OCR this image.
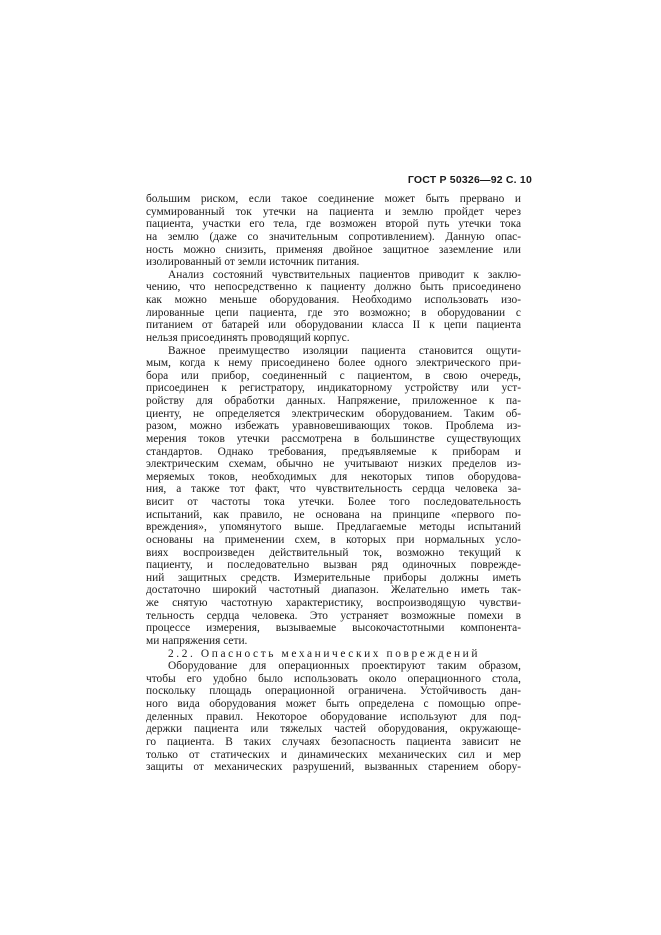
ГОСТ Р 50326—92 С. 10
большим риском, если такое соединение может быть прервано и
суммированный ток утечки на пациента и землю пройдет через
пациента, участки его тела, где возможен второй путь утечки тока
на землю (даже со значительным сопротивлением). Данную опас-
ность можно снизить, применяя двойное защитное заземление или
изолированный от земли источник питания.
Анализ состояний чувствительных пациентов приводит к заклю-
чению, что непосредственно к пациенту должно быть присоединено
как можно меньше оборудования. Необходимо использовать изо-
лированные цепи пациента, где это возможно; в оборудовании с
питанием от батарей или оборудовании класса II к цепи пациента
нельзя присоединять проводящий корпус.
Важное преимущество изоляции пациента становится ощути-
мым, когда к нему присоединено более одного электрического при-
бора или прибор, соединенный с пациентом, в свою очередь,
присоединен к регистратору, индикаторному устройству или уст-
ройству для обработки данных. Напряжение, приложенное к па-
циенту, не определяется электрическим оборудованием. Таким об-
разом, можно избежать уравновешивающих токов. Проблема из-
мерения токов утечки рассмотрена в большинстве существующих
стандартов. Однако требования, предъявляемые к приборам и
электрическим схемам, обычно не учитывают низких пределов из-
меряемых токов, необходимых для некоторых типов оборудова-
ния, а также тот факт, что чувствительность сердца человека за-
висит от частоты тока утечки. Более того последовательность
испытаний, как правило, не основана на принципе «первого по-
вреждения», упомянутого выше. Предлагаемые методы испытаний
основаны на применении схем, в которых при нормальных усло-
виях воспроизведен действительный ток, возможно текущий к
пациенту, и последовательно вызван ряд одиночных поврежде-
ний защитных средств. Измерительные приборы должны иметь
достаточно широкий частотный диапазон. Желательно иметь так-
же снятую частотную характеристику, воспроизводящую чувстви-
тельность сердца человека. Это устраняет возможные помехи в
процессе измерения, вызываемые высокочастотными компонента-
ми напряжения сети.
2.2. Опасность механических повреждений
Оборудование для операционных проектируют таким образом,
чтобы его удобно было использовать около операционного стола,
поскольку площадь операционной ограничена. Устойчивость дан-
ного вида оборудования может быть определена с помощью опре-
деленных правил. Некоторое оборудование используют для под-
держки пациента или тяжелых частей оборудования, окружающе-
го пациента. В таких случаях безопасность пациента зависит не
только от статических и динамических механических сил и мер
защиты от механических разрушений, вызванных старением обору-
